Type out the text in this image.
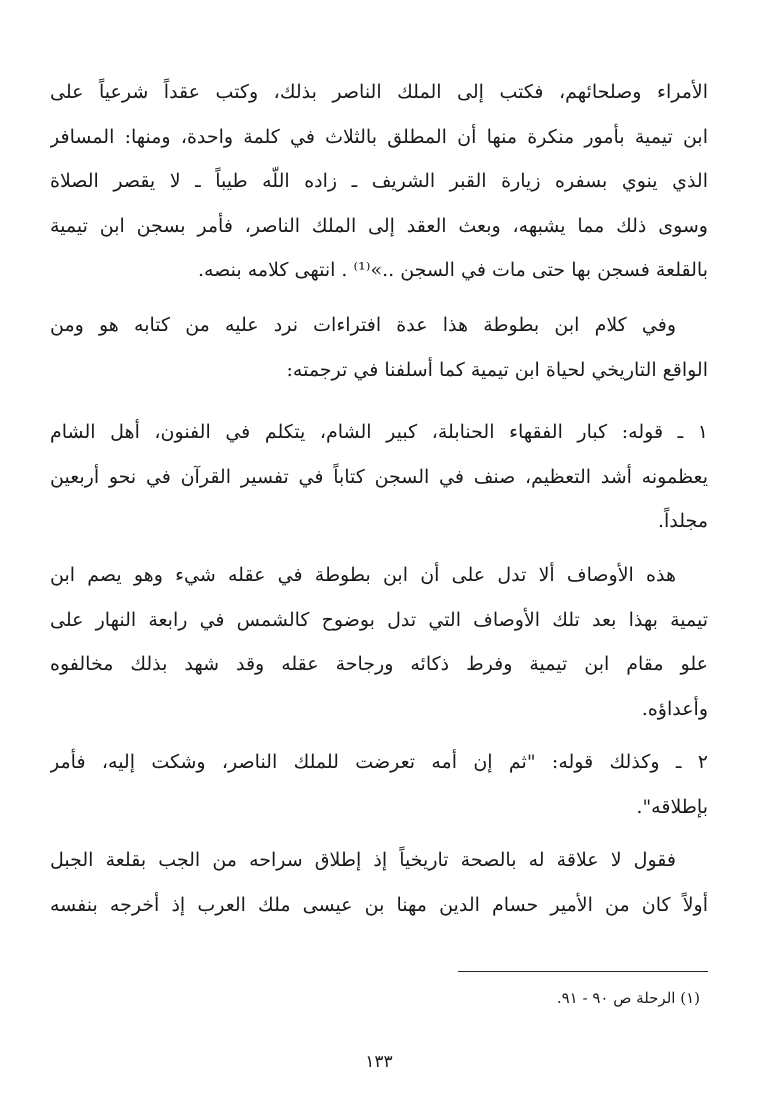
الأمراء وصلحائهم، فكتب إلى الملك الناصر بذلك، وكتب عقداً شرعياً على
ابن تيمية بأمور منكرة منها أن المطلق بالثلاث في كلمة واحدة، ومنها: المسافر
الذي ينوي بسفره زيارة القبر الشريف ـ زاده اللّه طيباً ـ لا يقصر الصلاة
وسوى ذلك مما يشبهه، وبعث العقد إلى الملك الناصر، فأمر بسجن ابن تيمية
بالقلعة فسجن بها حتى مات في السجن ..»⁽¹⁾ . انتهى كلامه بنصه.
وفي كلام ابن بطوطة هذا عدة افتراءات نرد عليه من كتابه هو ومن
الواقع التاريخي لحياة ابن تيمية كما أسلفنا في ترجمته:
١ ـ قوله: كبار الفقهاء الحنابلة، كبير الشام، يتكلم في الفنون، أهل الشام
يعظمونه أشد التعظيم، صنف في السجن كتاباً في تفسير القرآن في نحو أربعين
مجلداً.
هذه الأوصاف ألا تدل على أن ابن بطوطة في عقله شيء وهو يصم ابن
تيمية بهذا بعد تلك الأوصاف التي تدل بوضوح كالشمس في رابعة النهار على
علو مقام ابن تيمية وفرط ذكائه ورجاحة عقله وقد شهد بذلك مخالفوه
وأعداؤه.
٢ ـ وكذلك قوله: "ثم إن أمه تعرضت للملك الناصر، وشكت إليه، فأمر
بإطلاقه".
فقول لا علاقة له بالصحة تاريخياً إذ إطلاق سراحه من الجب بقلعة الجبل
أولاً كان من الأمير حسام الدين مهنا بن عيسى ملك العرب إذ أخرجه بنفسه
(١) الرحلة ص ٩٠ - ٩١.
١٣٣
